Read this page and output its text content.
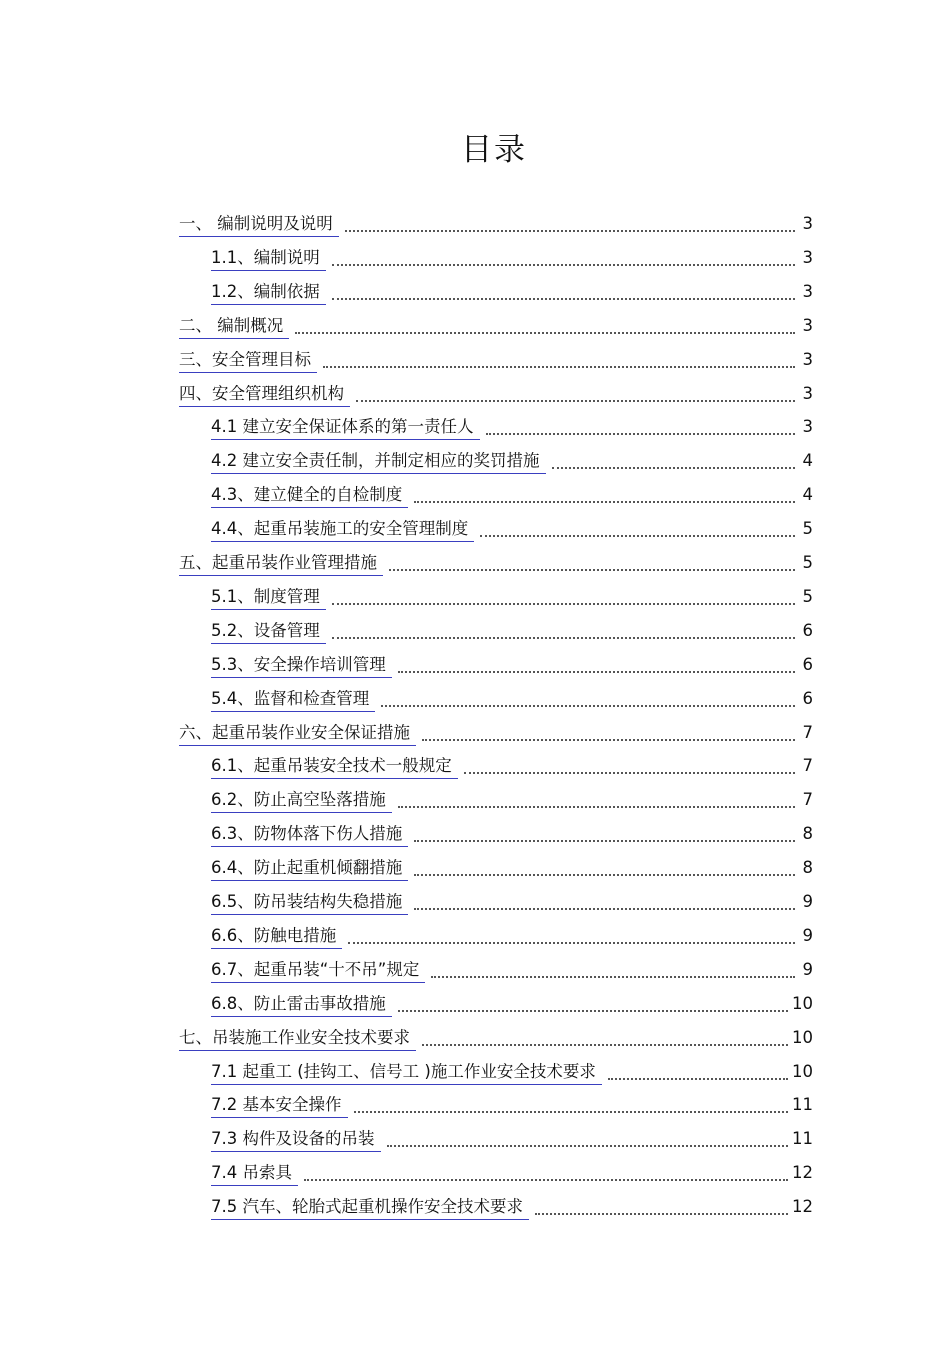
目录
一、 编制说明及说明	3
1.1、编制说明	3
1.2、编制依据	3
二、 编制概况	3
三、安全管理目标	3
四、安全管理组织机构	3
4.1 建立安全保证体系的第一责任人	3
4.2 建立安全责任制，并制定相应的奖罚措施	4
4.3、建立健全的自检制度	4
4.4、起重吊装施工的安全管理制度	5
五、起重吊装作业管理措施	5
5.1、制度管理	5
5.2、设备管理	6
5.3、安全操作培训管理	6
5.4、监督和检查管理	6
六、起重吊装作业安全保证措施	7
6.1、起重吊装安全技术一般规定	7
6.2、防止高空坠落措施	7
6.3、防物体落下伤人措施	8
6.4、防止起重机倾翻措施	8
6.5、防吊装结构失稳措施	9
6.6、防触电措施	9
6.7、起重吊装“十不吊”规定	9
6.8、防止雷击事故措施	10
七、吊装施工作业安全技术要求	10
7.1 起重工 (挂钩工、信号工 )施工作业安全技术要求	10
7.2 基本安全操作	11
7.3 构件及设备的吊装	11
7.4 吊索具	12
7.5 汽车、轮胎式起重机操作安全技术要求	12
